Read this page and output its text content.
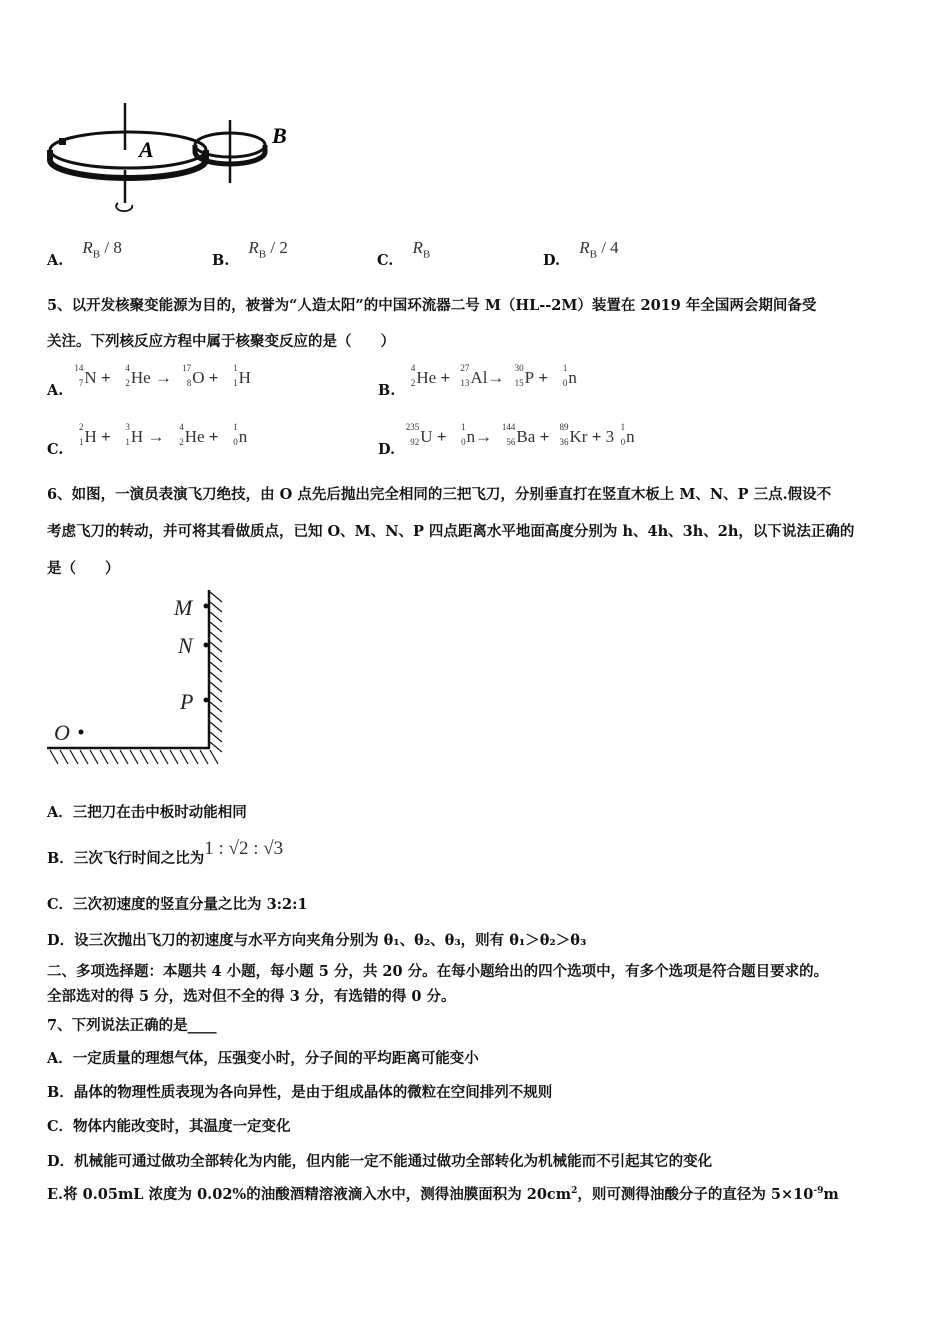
A
B
A. $R_B / 8$
B. $R_B / 2$
C. $R_B$	D. $R_B / 4$
5、以开发核聚变能源为目的，被誉为“人造太阳”的中国环流器二号 M（HL--2M）装置在 2019 年全国两会期间备受
关注。下列核反应方程中属于核聚变反应的是（　　）
A. N
14
7 + He
4
2 → O
17
8 + H
1
1	B. He
4
2 + Al
27
13 → P
30
15 + n
1
0
C. H
2
1 + H
3
1 → He
4
2 + n
1
0	D. U
235
92 + n
1
0 → Ba
144
56 + Kr
89
36 + 3 n
1
0
6、如图，一演员表演飞刀绝技，由 O 点先后抛出完全相同的三把飞刀，分别垂直打在竖直木板上 M、N、P 三点.假设不
考虑飞刀的转动，并可将其看做质点，已知 O、M、N、P 四点距离水平地面高度分别为 h、4h、3h、2h，以下说法正确的
是（　　）
M
N
P
O
A．三把刀在击中板时动能相同
B．三次飞行时间之比为1 : √2 : √3
C．三次初速度的竖直分量之比为 3:2:1
D．设三次抛出飞刀的初速度与水平方向夹角分别为 θ₁、θ₂、θ₃，则有 θ₁＞θ₂＞θ₃
二、多项选择题：本题共 4 小题，每小题 5 分，共 20 分。在每小题给出的四个选项中，有多个选项是符合题目要求的。
全部选对的得 5 分，选对但不全的得 3 分，有选错的得 0 分。
7、下列说法正确的是____
A．一定质量的理想气体，压强变小时，分子间的平均距离可能变小
B．晶体的物理性质表现为各向异性，是由于组成晶体的微粒在空间排列不规则
C．物体内能改变时，其温度一定变化
D．机械能可通过做功全部转化为内能，但内能一定不能通过做功全部转化为机械能而不引起其它的变化
E.将 0.05mL 浓度为 0.02%的油酸酒精溶液滴入水中，测得油膜面积为 $20cm^2$，则可测得油酸分子的直径为 $5\times 10^{-9}m$
